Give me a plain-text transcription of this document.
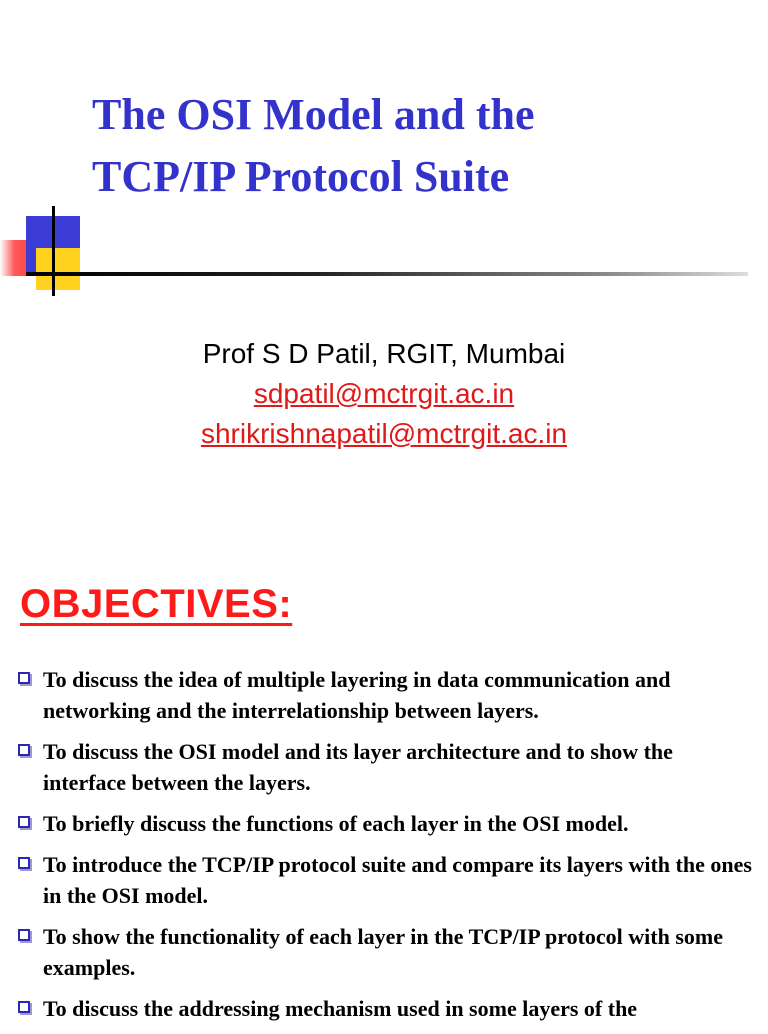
The OSI Model and the
TCP/IP Protocol Suite
Prof S D Patil, RGIT, Mumbai
sdpatil@mctrgit.ac.in
shrikrishnapatil@mctrgit.ac.in
OBJECTIVES:
To discuss the idea of multiple layering in data communication and networking and the interrelationship between layers.
To discuss the OSI model and its layer architecture and to show the interface between the layers.
To briefly discuss the functions of each layer in the OSI model.
To introduce the TCP/IP protocol suite and compare its layers with the ones in the OSI model.
To show the functionality of each layer in the TCP/IP protocol with some examples.
To discuss the addressing mechanism used in some layers of the
